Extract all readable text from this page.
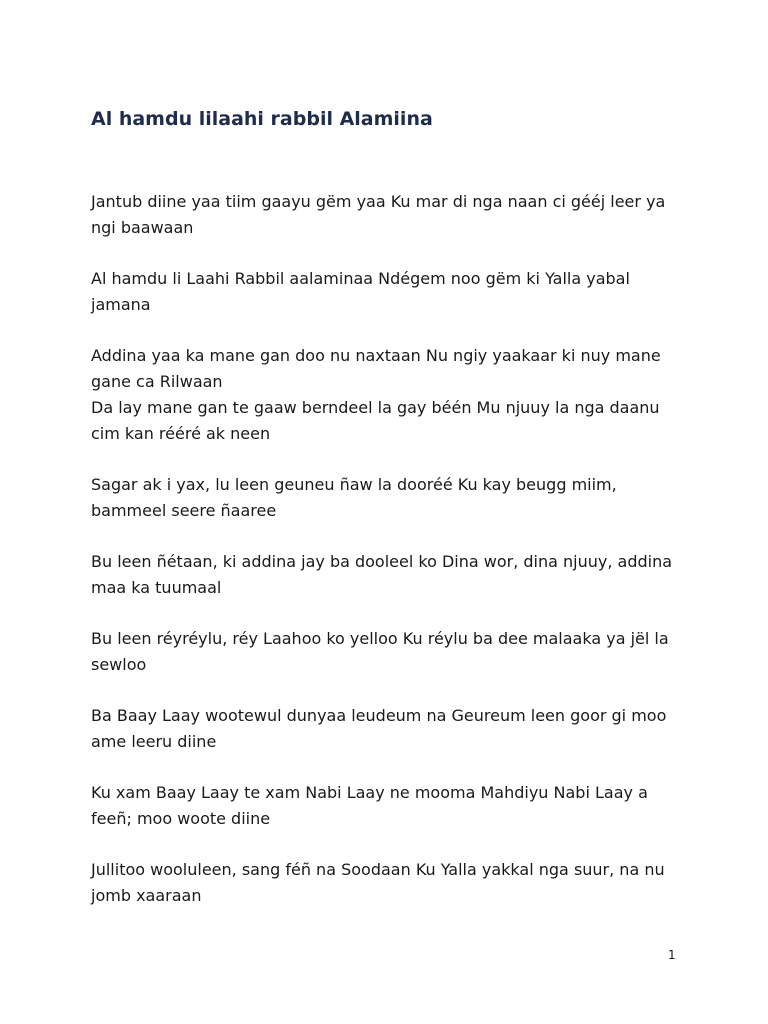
Al hamdu lilaahi rabbil Alamiina

Jantub diine yaa tiim gaayu gëm yaa Ku mar di nga naan ci gééj leer ya
ngi baawaan

Al hamdu li Laahi Rabbil aalaminaa Ndégem noo gëm ki Yalla yabal
jamana

Addina yaa ka mane gan doo nu naxtaan Nu ngiy yaakaar ki nuy mane
gane ca Rilwaan
Da lay mane gan te gaaw berndeel la gay béén Mu njuuy la nga daanu
cim kan rééré ak neen

Sagar ak i yax, lu leen geuneu ñaw la dooréé Ku kay beugg miim,
bammeel seere ñaaree

Bu leen ñétaan, ki addina jay ba dooleel ko Dina wor, dina njuuy, addina
maa ka tuumaal

Bu leen réyréylu, réy Laahoo ko yelloo Ku réylu ba dee malaaka ya jël la
sewloo

Ba Baay Laay wootewul dunyaa leudeum na Geureum leen goor gi moo
ame leeru diine

Ku xam Baay Laay te xam Nabi Laay ne mooma Mahdiyu Nabi Laay a
feeñ; moo woote diine

Jullitoo wooluleen, sang féñ na Soodaan Ku Yalla yakkal nga suur, na nu
jomb xaaraan

1
